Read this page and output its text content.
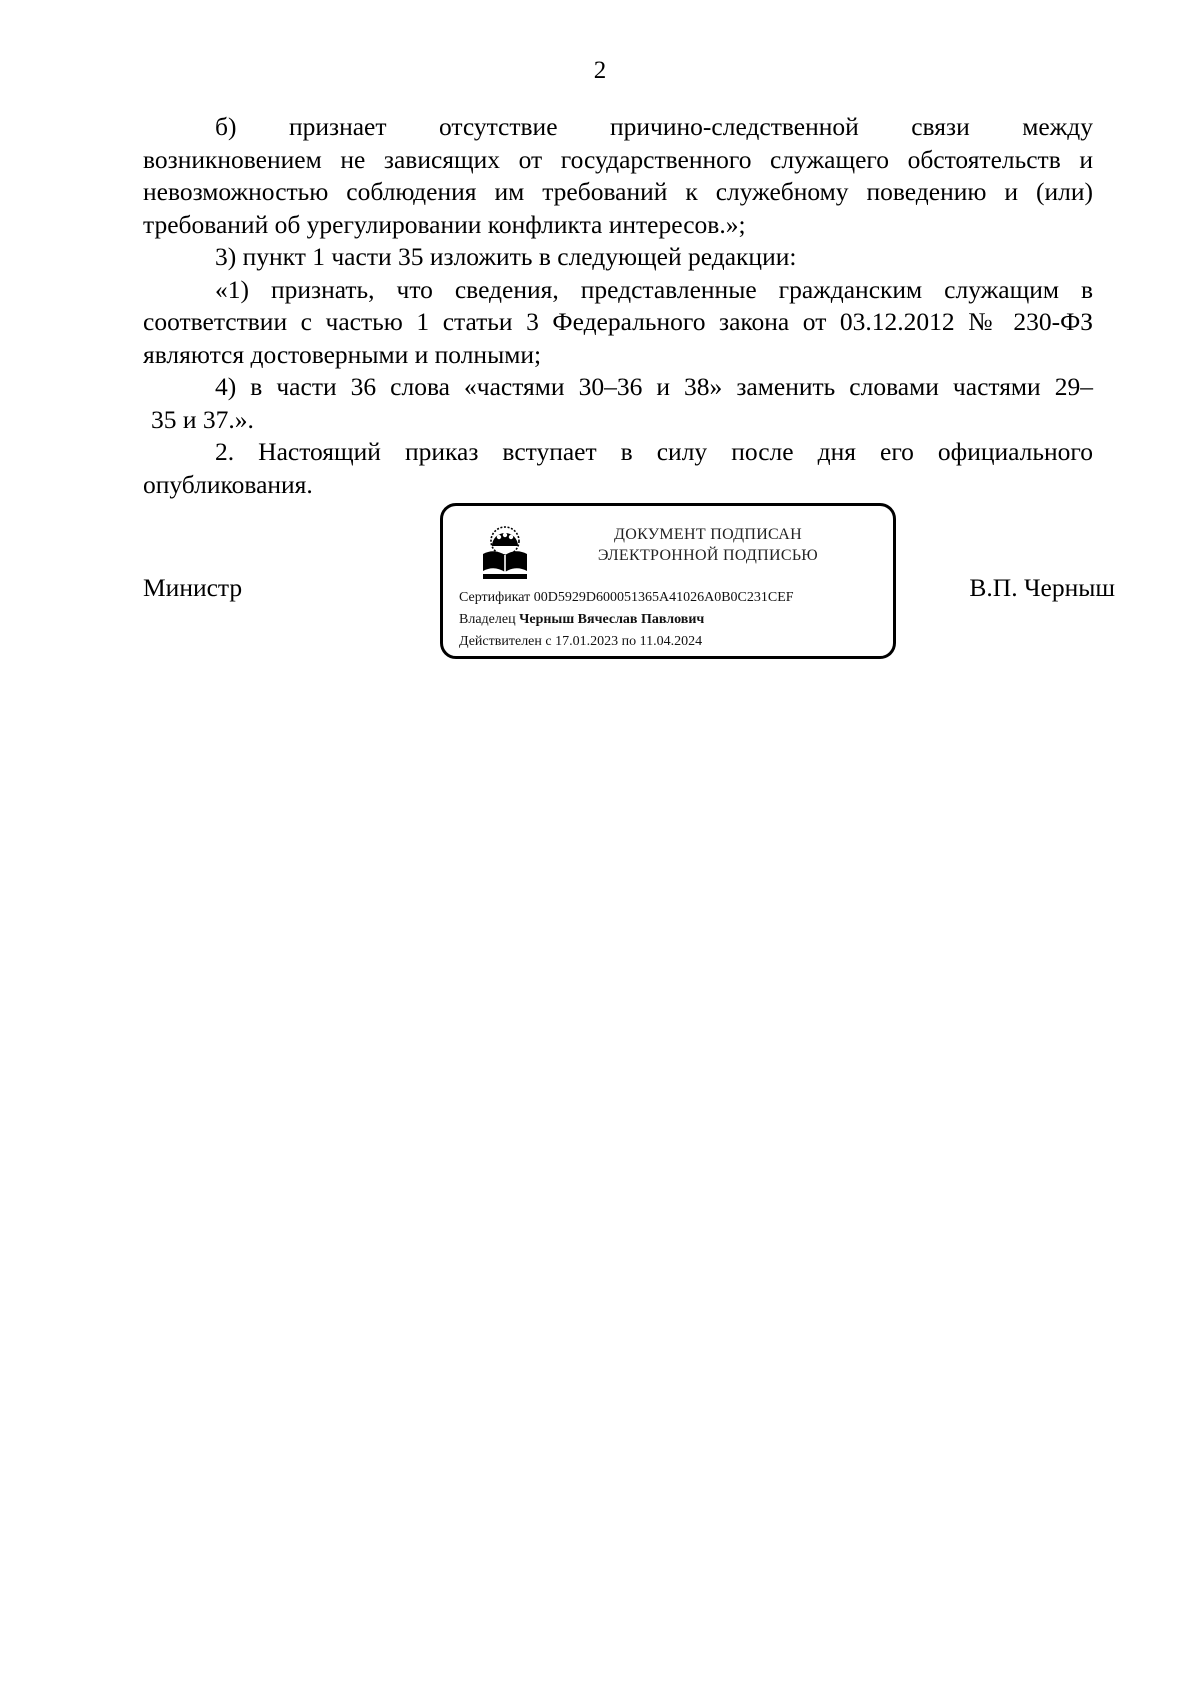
2

б) признает отсутствие причино-следственной связи между
возникновением не зависящих от государственного служащего обстоятельств и невозможностью соблюдения им требований к служебному поведению и (или) требований об урегулировании конфликта интересов.»;

3) пункт 1 части 35 изложить в следующей редакции:

«1) признать, что сведения, представленные гражданским служащим в соответствии с частью 1 статьи 3 Федерального закона от 03.12.2012 № 230-ФЗ являются достоверными и полными;

4) в части 36 слова «частями 30–36 и 38» заменить словами частями 29–

35 и 37.».

2. Настоящий приказ вступает в силу после дня его официального опубликования.

Министр	В.П. Черныш
ДОКУМЕНТ ПОДПИСАН
ЭЛЕКТРОННОЙ ПОДПИСЬЮ
Сертификат 00D5929D600051365A41026A0B0C231CEF
Владелец Черныш Вячеслав Павлович
Действителен с 17.01.2023 по 11.04.2024
